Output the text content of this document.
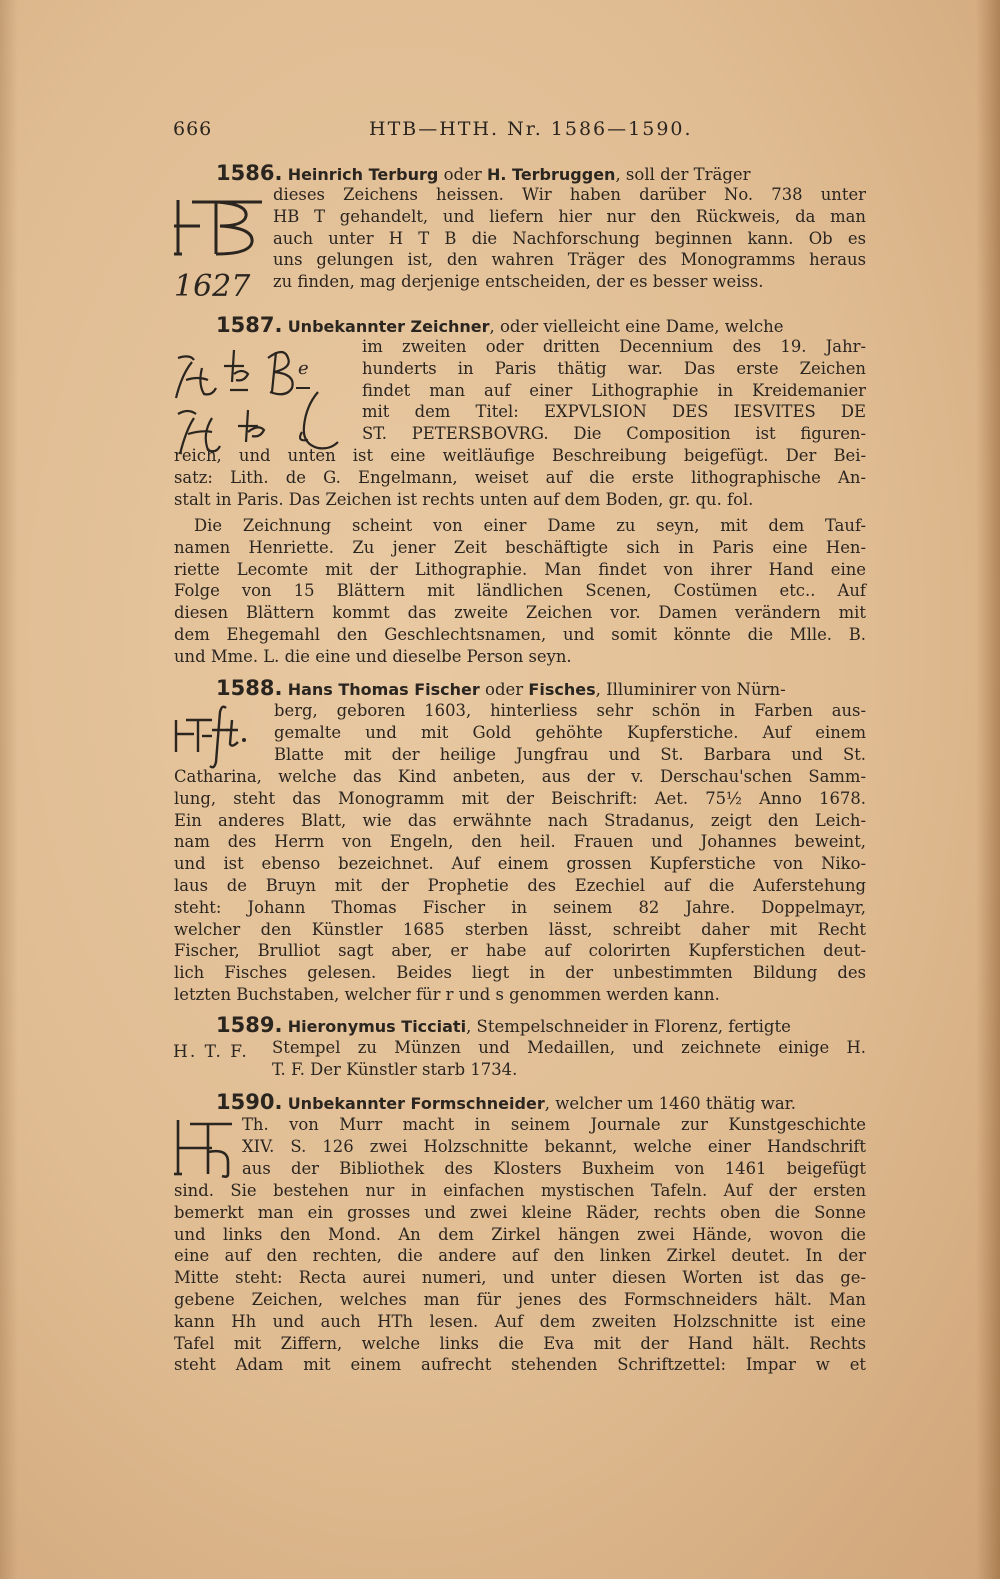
666	HTB—HTH. Nr. 1586—1590.
1586. Heinrich Terburg oder H. Terbruggen, soll der Träger
1627
dieses Zeichens heissen. Wir haben darüber No. 738 unter
HB T gehandelt, und liefern hier nur den Rückweis, da man
auch unter H T B die Nachforschung beginnen kann. Ob es
uns gelungen ist, den wahren Träger des Monogramms heraus
zu finden, mag derjenige entscheiden, der es besser weiss.
1587. Unbekannter Zeichner, oder vielleicht eine Dame, welche
e
im zweiten oder dritten Decennium des 19. Jahr-
hunderts in Paris thätig war. Das erste Zeichen
findet man auf einer Lithographie in Kreidemanier
mit dem Titel: EXPVLSION DES IESVITES DE
ST. PETERSBOVRG. Die Composition ist figuren-
reich, und unten ist eine weitläufige Beschreibung beigefügt. Der Bei-
satz: Lith. de G. Engelmann, weiset auf die erste lithographische An-
stalt in Paris. Das Zeichen ist rechts unten auf dem Boden, gr. qu. fol.
Die Zeichnung scheint von einer Dame zu seyn, mit dem Tauf-
namen Henriette. Zu jener Zeit beschäftigte sich in Paris eine Hen-
riette Lecomte mit der Lithographie. Man findet von ihrer Hand eine
Folge von 15 Blättern mit ländlichen Scenen, Costümen etc.. Auf
diesen Blättern kommt das zweite Zeichen vor. Damen verändern mit
dem Ehegemahl den Geschlechtsnamen, und somit könnte die Mlle. B.
und Mme. L. die eine und dieselbe Person seyn.
1588. Hans Thomas Fischer oder Fisches, Illuminirer von Nürn-
berg, geboren 1603, hinterliess sehr schön in Farben aus-
gemalte und mit Gold gehöhte Kupferstiche. Auf einem
Blatte mit der heilige Jungfrau und St. Barbara und St.
Catharina, welche das Kind anbeten, aus der v. Derschau'schen Samm-
lung, steht das Monogramm mit der Beischrift: Aet. 75½ Anno 1678.
Ein anderes Blatt, wie das erwähnte nach Stradanus, zeigt den Leich-
nam des Herrn von Engeln, den heil. Frauen und Johannes beweint,
und ist ebenso bezeichnet. Auf einem grossen Kupferstiche von Niko-
laus de Bruyn mit der Prophetie des Ezechiel auf die Auferstehung
steht: Johann Thomas Fischer in seinem 82 Jahre. Doppelmayr,
welcher den Künstler 1685 sterben lässt, schreibt daher mit Recht
Fischer, Brulliot sagt aber, er habe auf colorirten Kupferstichen deut-
lich Fisches gelesen. Beides liegt in der unbestimmten Bildung des
letzten Buchstaben, welcher für r und s genommen werden kann.
1589. Hieronymus Ticciati, Stempelschneider in Florenz, fertigte
H. T. F. Stempel zu Münzen und Medaillen, und zeichnete einige H.
T. F. Der Künstler starb 1734.
1590. Unbekannter Formschneider, welcher um 1460 thätig war.
Th. von Murr macht in seinem Journale zur Kunstgeschichte
XIV. S. 126 zwei Holzschnitte bekannt, welche einer Handschrift
aus der Bibliothek des Klosters Buxheim von 1461 beigefügt
sind. Sie bestehen nur in einfachen mystischen Tafeln. Auf der ersten
bemerkt man ein grosses und zwei kleine Räder, rechts oben die Sonne
und links den Mond. An dem Zirkel hängen zwei Hände, wovon die
eine auf den rechten, die andere auf den linken Zirkel deutet. In der
Mitte steht: Recta aurei numeri, und unter diesen Worten ist das ge-
gebene Zeichen, welches man für jenes des Formschneiders hält. Man
kann Hh und auch HTh lesen. Auf dem zweiten Holzschnitte ist eine
Tafel mit Ziffern, welche links die Eva mit der Hand hält. Rechts
steht Adam mit einem aufrecht stehenden Schriftzettel: Impar w et
